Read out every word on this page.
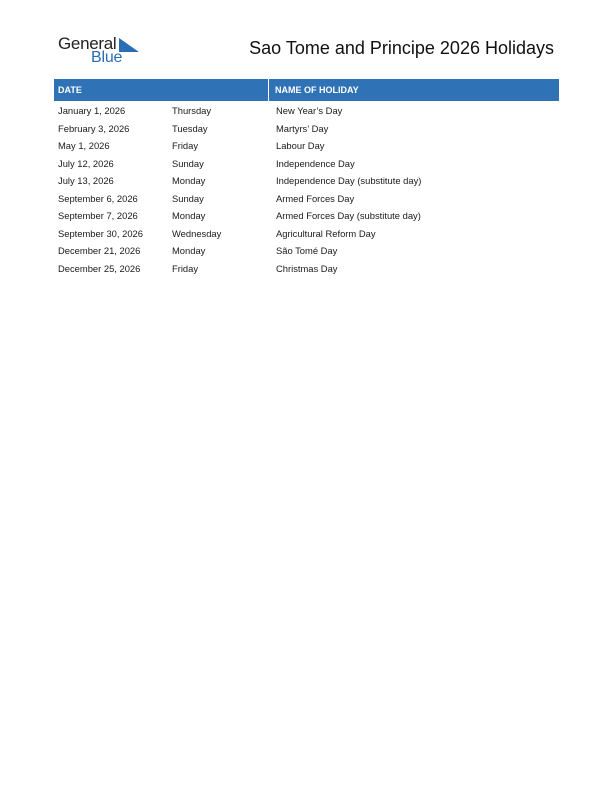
General
Blue	Sao Tome and Principe 2026 Holidays
DATE	NAME OF HOLIDAY
January 1, 2026	Thursday	New Year’s Day
February 3, 2026	Tuesday	Martyrs’ Day
May 1, 2026	Friday	Labour Day
July 12, 2026	Sunday	Independence Day
July 13, 2026	Monday	Independence Day (substitute day)
September 6, 2026	Sunday	Armed Forces Day
September 7, 2026	Monday	Armed Forces Day (substitute day)
September 30, 2026	Wednesday	Agricultural Reform Day
December 21, 2026	Monday	São Tomé Day
December 25, 2026	Friday	Christmas Day
